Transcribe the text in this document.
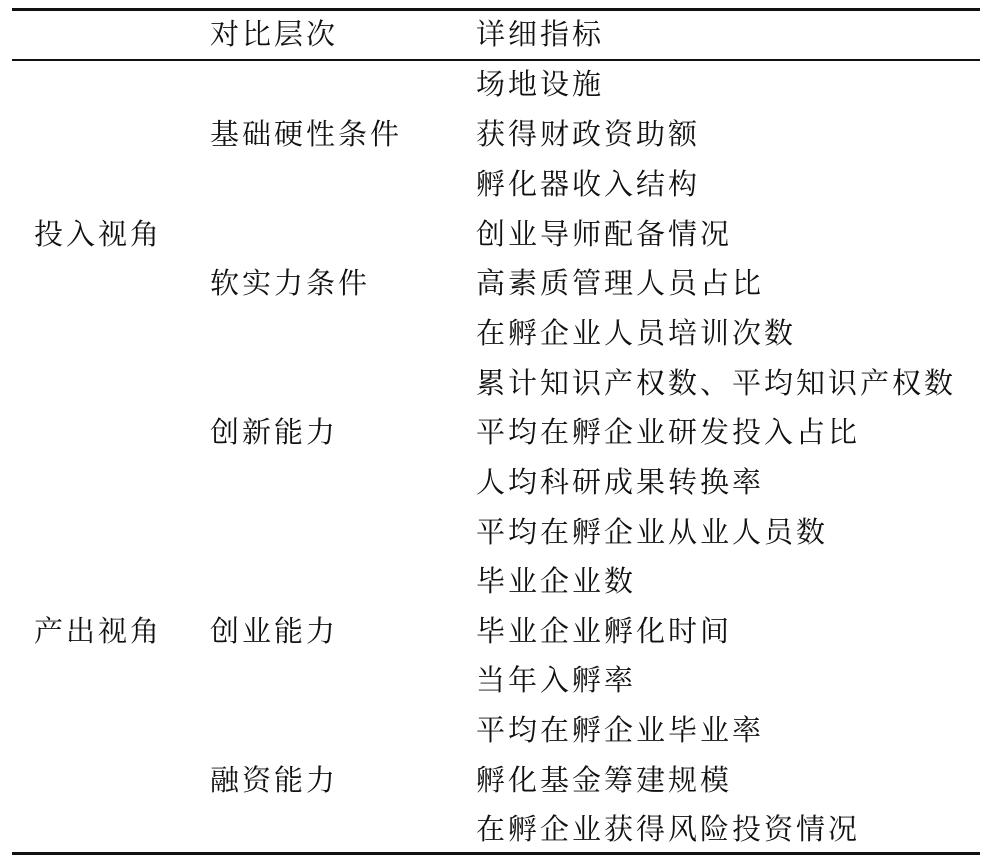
对比层次	详细指标
投入视角
产出视角
基础硬性条件
软实力条件
创新能力
创业能力
融资能力
场地设施
获得财政资助额
孵化器收入结构
创业导师配备情况
高素质管理人员占比
在孵企业人员培训次数
累计知识产权数、平均知识产权数
平均在孵企业研发投入占比
人均科研成果转换率
平均在孵企业从业人员数
毕业企业数
毕业企业孵化时间
当年入孵率
平均在孵企业毕业率
孵化基金筹建规模
在孵企业获得风险投资情况
